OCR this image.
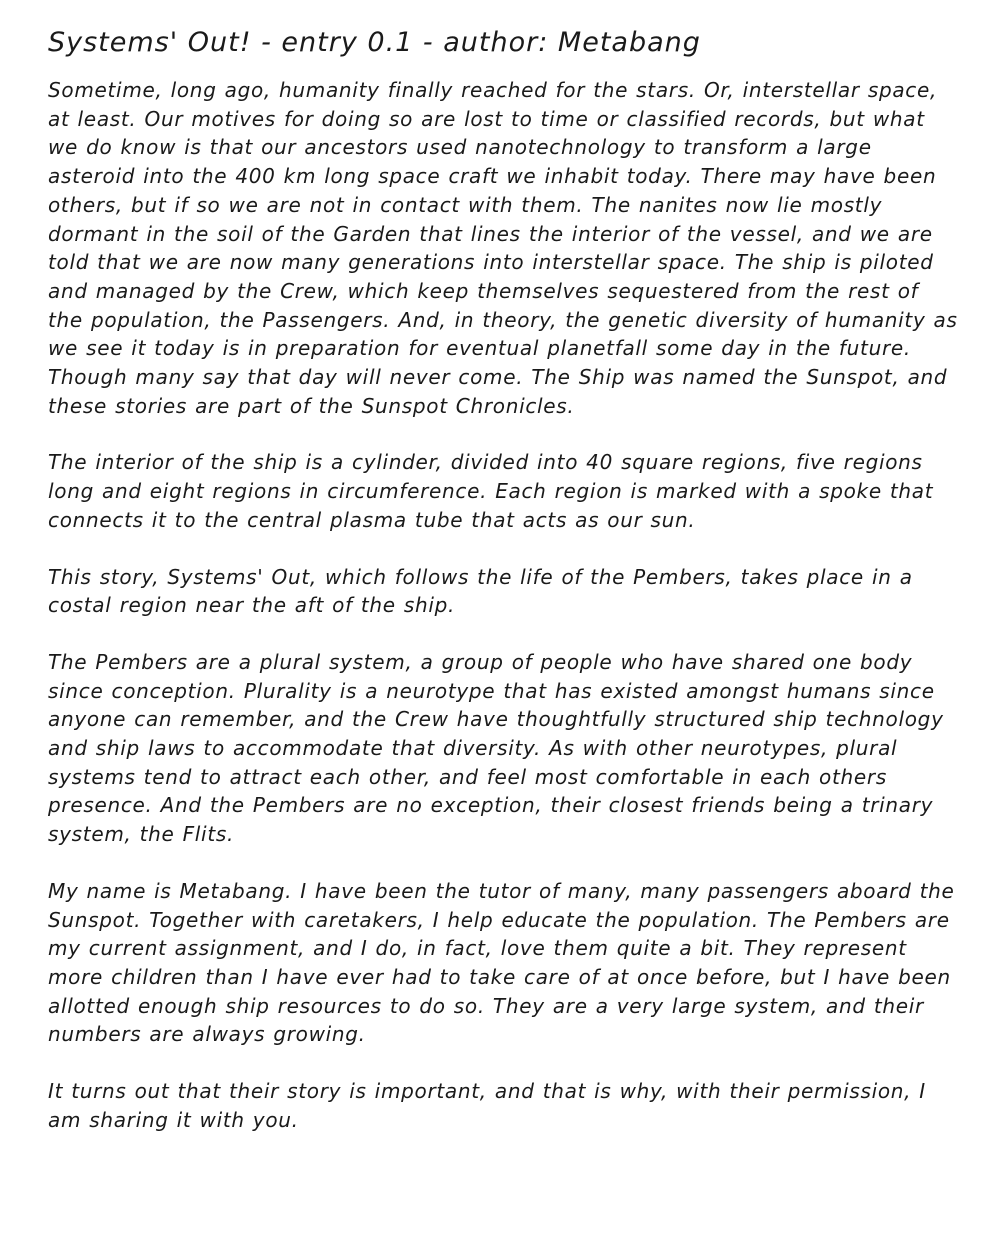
Systems' Out! - entry 0.1 - author: Metabang

Sometime, long ago, humanity finally reached for the stars. Or, interstellar space, at least. Our motives for doing so are lost to time or classified records, but what we do know is that our ancestors used nanotechnology to transform a large asteroid into the 400 km long space craft we inhabit today. There may have been others, but if so we are not in contact with them. The nanites now lie mostly dormant in the soil of the Garden that lines the interior of the vessel, and we are told that we are now many generations into interstellar space. The ship is piloted and managed by the Crew, which keep themselves sequestered from the rest of the population, the Passengers. And, in theory, the genetic diversity of humanity as we see it today is in preparation for eventual planetfall some day in the future. Though many say that day will never come. The Ship was named the Sunspot, and these stories are part of the Sunspot Chronicles.

The interior of the ship is a cylinder, divided into 40 square regions, five regions long and eight regions in circumference. Each region is marked with a spoke that connects it to the central plasma tube that acts as our sun.

This story, Systems' Out, which follows the life of the Pembers, takes place in a costal region near the aft of the ship.

The Pembers are a plural system, a group of people who have shared one body since conception. Plurality is a neurotype that has existed amongst humans since anyone can remember, and the Crew have thoughtfully structured ship technology and ship laws to accommodate that diversity. As with other neurotypes, plural systems tend to attract each other, and feel most comfortable in each others presence. And the Pembers are no exception, their closest friends being a trinary system, the Flits.

My name is Metabang. I have been the tutor of many, many passengers aboard the Sunspot. Together with caretakers, I help educate the population. The Pembers are my current assignment, and I do, in fact, love them quite a bit. They represent more children than I have ever had to take care of at once before, but I have been allotted enough ship resources to do so. They are a very large system, and their numbers are always growing.

It turns out that their story is important, and that is why, with their permission, I am sharing it with you.
